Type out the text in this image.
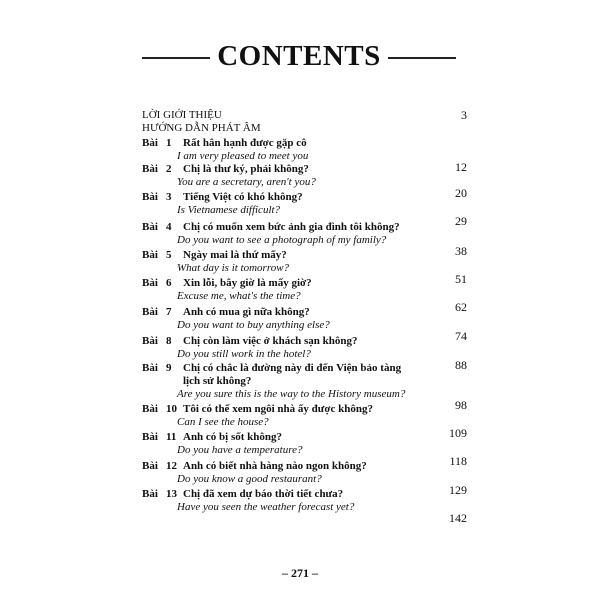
CONTENTS
LỜI GIỚI THIỆU	3
HƯỚNG DẪN PHÁT ÂM
Bài 1 Rất hân hạnh được gặp cô
I am very pleased to meet you
12
Bài 2 Chị là thư ký, phải không?
You are a secretary, aren't you?
20
Bài 3 Tiếng Việt có khó không?
Is Vietnamese difficult?
29
Bài 4 Chị có muốn xem bức ảnh gia đình tôi không?
Do you want to see a photograph of my family?
38
Bài 5 Ngày mai là thứ mấy?
What day is it tomorrow?
51
Bài 6 Xin lỗi, bây giờ là mấy giờ?
Excuse me, what's the time?
62
Bài 7 Anh có mua gì nữa không?
Do you want to buy anything else?
74
Bài 8 Chị còn làm việc ở khách sạn không?
Do you still work in the hotel?
88
Bài 9 Chị có chắc là đường này đi đến Viện bảo tàng
lịch sử không?
Are you sure this is the way to the History museum?
98
Bài 10 Tôi có thể xem ngôi nhà ấy được không?
Can I see the house?
109
Bài 11 Anh có bị sốt không?
Do you have a temperature?
118
Bài 12 Anh có biết nhà hàng nào ngon không?
Do you know a good restaurant?
129
Bài 13 Chị đã xem dự báo thời tiết chưa?
Have you seen the weather forecast yet?
142
– 271 –
